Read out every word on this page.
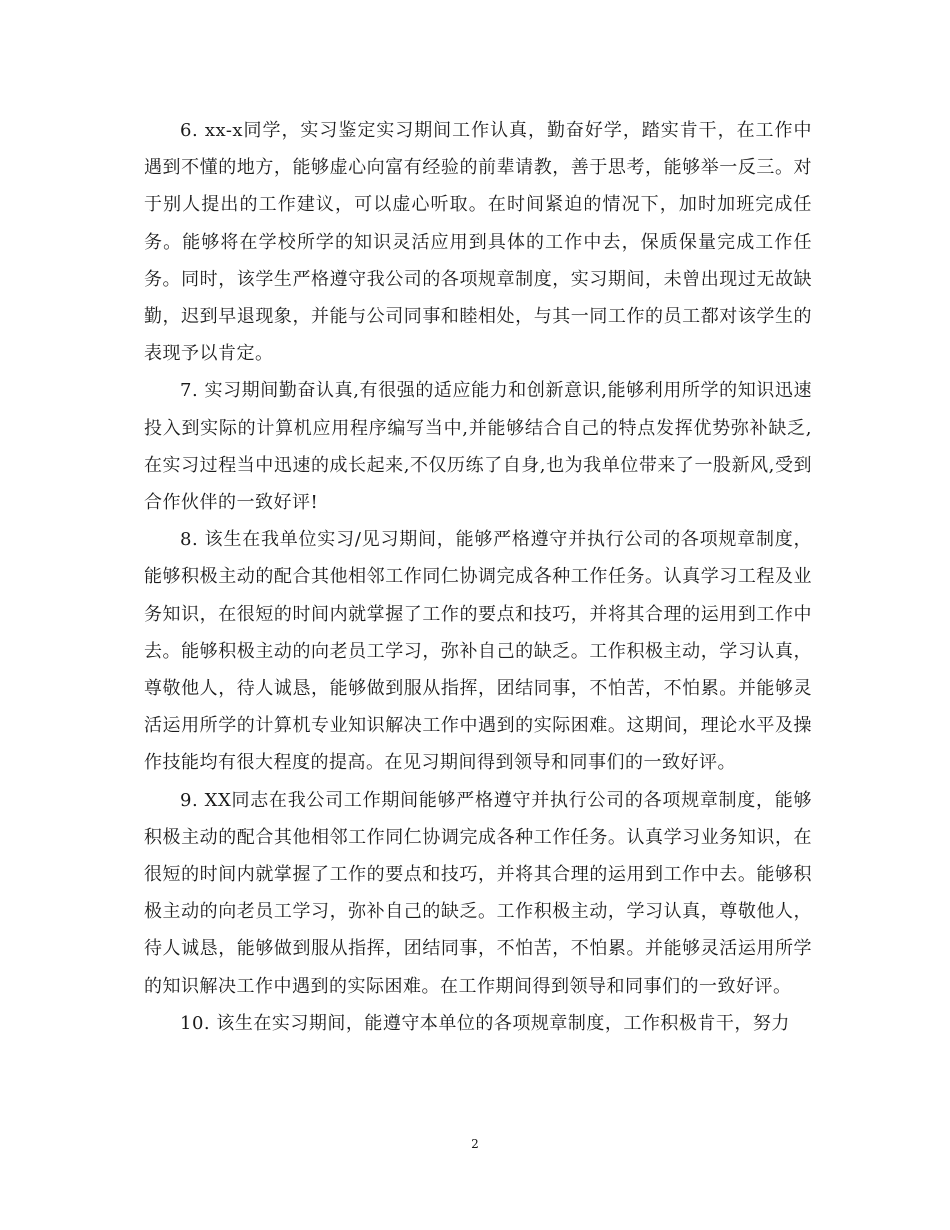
6. xx-x同学，实习鉴定实习期间工作认真，勤奋好学，踏实肯干，在工作中遇到不懂的地方，能够虚心向富有经验的前辈请教，善于思考，能够举一反三。对于别人提出的工作建议，可以虚心听取。在时间紧迫的情况下，加时加班完成任务。能够将在学校所学的知识灵活应用到具体的工作中去，保质保量完成工作任务。同时，该学生严格遵守我公司的各项规章制度，实习期间，未曾出现过无故缺勤，迟到早退现象，并能与公司同事和睦相处，与其一同工作的员工都对该学生的表现予以肯定。

7. 实习期间勤奋认真,有很强的适应能力和创新意识,能够利用所学的知识迅速投入到实际的计算机应用程序编写当中,并能够结合自己的特点发挥优势弥补缺乏,在实习过程当中迅速的成长起来,不仅历练了自身,也为我单位带来了一股新风,受到合作伙伴的一致好评!

8. 该生在我单位实习/见习期间，能够严格遵守并执行公司的各项规章制度，能够积极主动的配合其他相邻工作同仁协调完成各种工作任务。认真学习工程及业务知识，在很短的时间内就掌握了工作的要点和技巧，并将其合理的运用到工作中去。能够积极主动的向老员工学习，弥补自己的缺乏。工作积极主动，学习认真，尊敬他人，待人诚恳，能够做到服从指挥，团结同事，不怕苦，不怕累。并能够灵活运用所学的计算机专业知识解决工作中遇到的实际困难。这期间，理论水平及操作技能均有很大程度的提高。在见习期间得到领导和同事们的一致好评。

9. XX同志在我公司工作期间能够严格遵守并执行公司的各项规章制度，能够积极主动的配合其他相邻工作同仁协调完成各种工作任务。认真学习业务知识，在很短的时间内就掌握了工作的要点和技巧，并将其合理的运用到工作中去。能够积极主动的向老员工学习，弥补自己的缺乏。工作积极主动，学习认真，尊敬他人，待人诚恳，能够做到服从指挥，团结同事，不怕苦，不怕累。并能够灵活运用所学的知识解决工作中遇到的实际困难。在工作期间得到领导和同事们的一致好评。

10. 该生在实习期间，能遵守本单位的各项规章制度，工作积极肯干，努力

2
